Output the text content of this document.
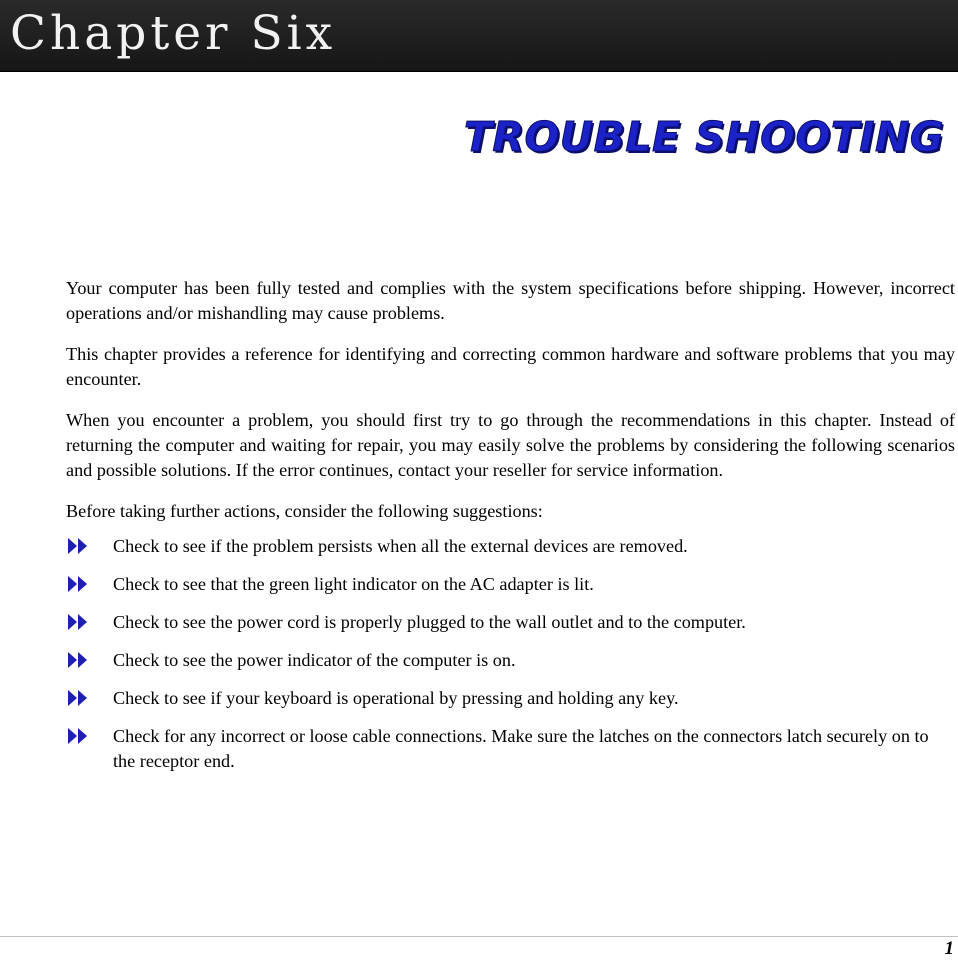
Chapter Six
TROUBLE SHOOTING

Your computer has been fully tested and complies with the system specifications before shipping. However, incorrect operations and/or mishandling may cause problems.

This chapter provides a reference for identifying and correcting common hardware and software problems that you may encounter.

When you encounter a problem, you should first try to go through the recommendations in this chapter. Instead of returning the computer and waiting for repair, you may easily solve the problems by considering the following scenarios and possible solutions. If the error continues, contact your reseller for service information.

Before taking further actions, consider the following suggestions:

Check to see if the problem persists when all the external devices are removed.
Check to see that the green light indicator on the AC adapter is lit.
Check to see the power cord is properly plugged to the wall outlet and to the computer.
Check to see the power indicator of the computer is on.
Check to see if your keyboard is operational by pressing and holding any key.
Check for any incorrect or loose cable connections. Make sure the latches on the connectors latch securely on to the receptor end.
1
